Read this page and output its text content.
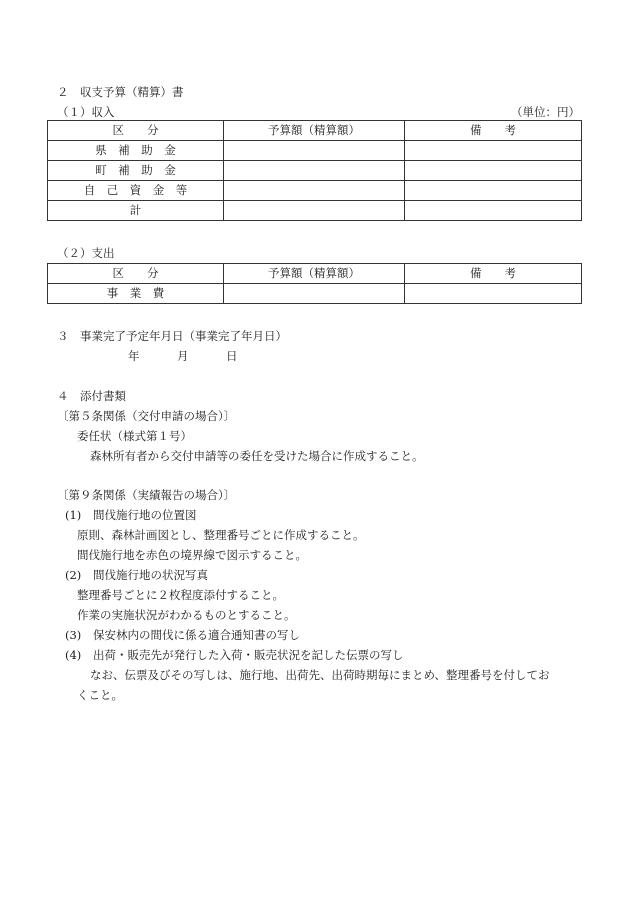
２　収支予算（精算）書
（１）収入	（単位：円）
区　　分	予算額（精算額）	備　　考
県　補　助　金		
町　補　助　金		
自　己　資　金　等		
計		
（２）支出
区　　分	予算額（精算額）	備　　考
事　業　費		
３　事業完了予定年月日（事業完了年月日）
年	月	日
４　添付書類
〔第５条関係（交付申請の場合）〕
委任状（様式第１号）
森林所有者から交付申請等の委任を受けた場合に作成すること。
〔第９条関係（実績報告の場合）〕
(1) 間伐施行地の位置図
原則、森林計画図とし、整理番号ごとに作成すること。
間伐施行地を赤色の境界線で図示すること。
(2) 間伐施行地の状況写真
整理番号ごとに２枚程度添付すること。
作業の実施状況がわかるものとすること。
(3) 保安林内の間伐に係る適合通知書の写し
(4) 出荷・販売先が発行した入荷・販売状況を記した伝票の写し
なお、伝票及びその写しは、施行地、出荷先、出荷時期毎にまとめ、整理番号を付してお
くこと。
